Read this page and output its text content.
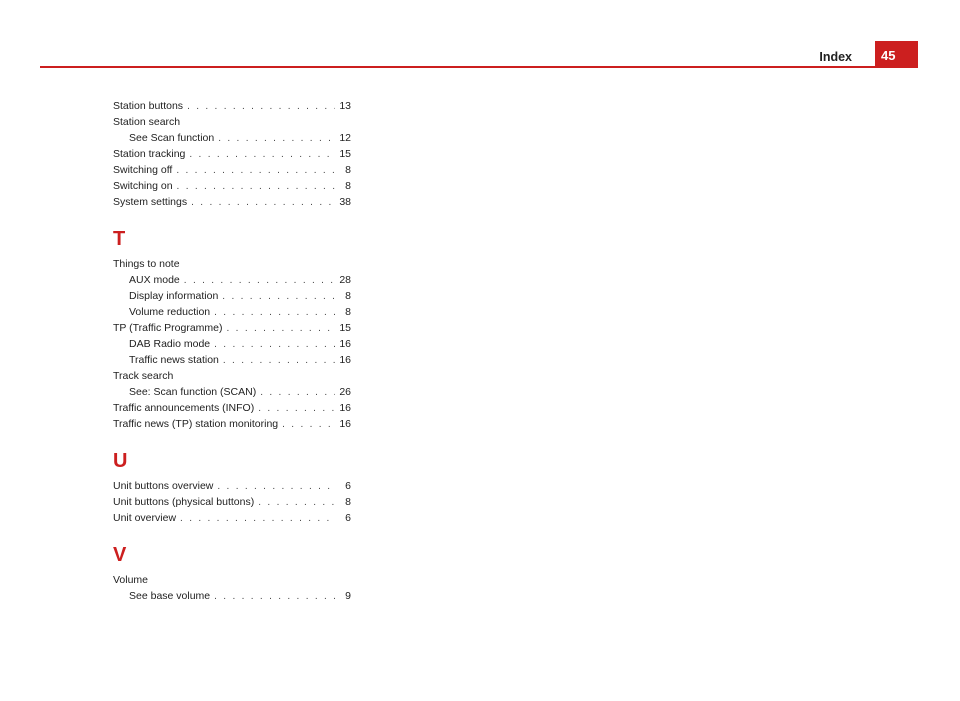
Index	45
Station buttons . . .	13
Station search
See Scan function . . .	12
Station tracking . . .	15
Switching off . . .	8
Switching on . . .	8
System settings . . .	38
T
Things to note
AUX mode . . .	28
Display information . . .	8
Volume reduction . . .	8
TP (Traffic Programme) . . .	15
DAB Radio mode . . .	16
Traffic news station . . .	16
Track search
See: Scan function (SCAN) . . .	26
Traffic announcements (INFO) . . .	16
Traffic news (TP) station monitoring . . .	16
U
Unit buttons overview . . .	6
Unit buttons (physical buttons) . . .	8
Unit overview . . .	6
V
Volume
See base volume . . .	9
